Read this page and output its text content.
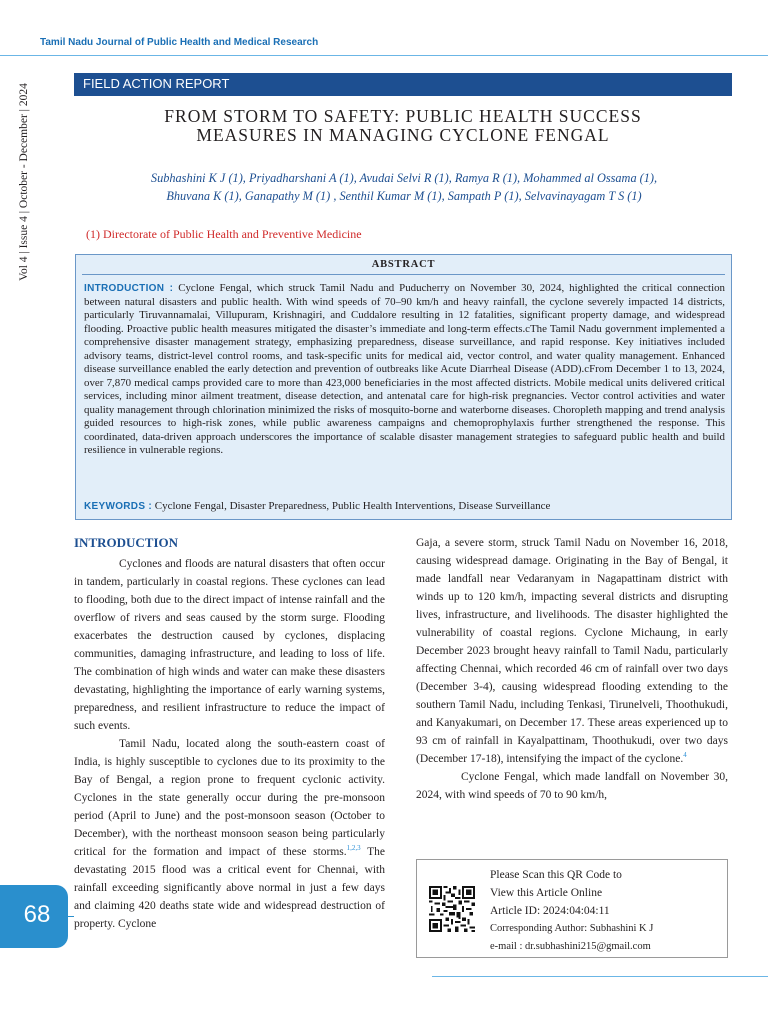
Tamil Nadu Journal of Public Health and Medical Research
Vol 4 | Issue 4 | October - December | 2024	FIELD ACTION REPORT
FROM STORM TO SAFETY: PUBLIC HEALTH SUCCESS
MEASURES IN MANAGING CYCLONE FENGAL
Subhashini K J (1), Priyadharshani A (1), Avudai Selvi R (1), Ramya R (1), Mohammed al Ossama (1),
Bhuvana K (1), Ganapathy M (1) , Senthil Kumar M (1), Sampath P (1), Selvavinayagam T S (1)
(1) Directorate of Public Health and Preventive Medicine
ABSTRACT
INTRODUCTION : Cyclone Fengal, which struck Tamil Nadu and Puducherry on November 30, 2024, highlighted the critical connection between natural disasters and public health. With wind speeds of 70–90 km/h and heavy rainfall, the cyclone severely impacted 14 districts, particularly Tiruvannamalai, Villupuram, Krishnagiri, and Cuddalore resulting in 12 fatalities, significant property damage, and widespread flooding. Proactive public health measures mitigated the disaster’s immediate and long-term effects.cThe Tamil Nadu government implemented a comprehensive disaster management strategy, emphasizing preparedness, disease surveillance, and rapid response. Key initiatives included advisory teams, district-level control rooms, and task-specific units for medical aid, vector control, and water quality management. Enhanced disease surveillance enabled the early detection and prevention of outbreaks like Acute Diarrheal Disease (ADD).cFrom December 1 to 13, 2024, over 7,870 medical camps provided care to more than 423,000 beneficiaries in the most affected districts. Mobile medical units delivered critical services, including minor ailment treatment, disease detection, and antenatal care for high-risk pregnancies. Vector control activities and water quality management through chlorination minimized the risks of mosquito-borne and waterborne diseases. Choropleth mapping and trend analysis guided resources to high-risk zones, while public awareness campaigns and chemoprophylaxis further strengthened the response. This coordinated, data-driven approach underscores the importance of scalable disaster management strategies to safeguard public health and build resilience in vulnerable regions.
KEYWORDS : Cyclone Fengal, Disaster Preparedness, Public Health Interventions, Disease Surveillance
INTRODUCTION

Cyclones and floods are natural disasters that often occur in tandem, particularly in coastal regions. These cyclones can lead to flooding, both due to the direct impact of intense rainfall and the overflow of rivers and seas caused by the storm surge. Flooding exacerbates the destruction caused by cyclones, displacing communities, damaging infrastructure, and leading to loss of life. The combination of high winds and water can make these disasters devastating, highlighting the importance of early warning systems, preparedness, and resilient infrastructure to reduce the impact of such events.

Tamil Nadu, located along the south-eastern coast of India, is highly susceptible to cyclones due to its proximity to the Bay of Bengal, a region prone to frequent cyclonic activity. Cyclones in the state generally occur during the pre-monsoon period (April to June) and the post-monsoon season (October to December), with the northeast monsoon season being particularly critical for the formation and impact of these storms.$^{1,2,3}$ The devastating 2015 flood was a critical event for Chennai, with rainfall exceeding significantly above normal in just a few days and claiming 420 deaths state wide and widespread destruction of property. Cyclone

Gaja, a severe storm, struck Tamil Nadu on November 16, 2018, causing widespread damage. Originating in the Bay of Bengal, it made landfall near Vedaranyam in Nagapattinam district with winds up to 120 km/h, impacting several districts and disrupting lives, infrastructure, and livelihoods. The disaster highlighted the vulnerability of coastal regions. Cyclone Michaung, in early December 2023 brought heavy rainfall to Tamil Nadu, particularly affecting Chennai, which recorded 46 cm of rainfall over two days (December 3-4), causing widespread flooding extending to the southern Tamil Nadu, including Tenkasi, Tirunelveli, Thoothukudi, and Kanyakumari, on December 17. These areas experienced up to 93 cm of rainfall in Kayalpattinam, Thoothukudi, over two days (December 17-18), intensifying the impact of the cyclone.$^4$

Cyclone Fengal, which made landfall on November 30, 2024, with wind speeds of 70 to 90 km/h,

Please Scan this QR Code to
View this Article Online
Article ID: 2024:04:04:11
Corresponding Author: Subhashini K J
e-mail : dr.subhashini215@gmail.com
68
